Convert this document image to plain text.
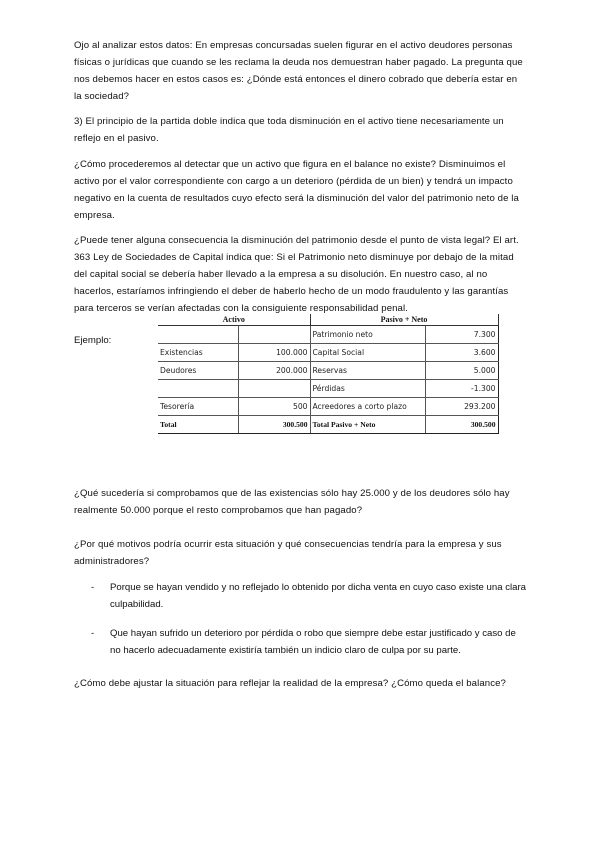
Ojo al analizar estos datos: En empresas concursadas suelen figurar en el activo deudores personas físicas o jurídicas que cuando se les reclama la deuda nos demuestran haber pagado. La pregunta que nos debemos hacer en estos casos es: ¿Dónde está entonces el dinero cobrado que debería estar en la sociedad?

3) El principio de la partida doble indica que toda disminución en el activo tiene necesariamente un reflejo en el pasivo.

¿Cómo procederemos al detectar que un activo que figura en el balance no existe? Disminuimos el activo por el valor correspondiente con cargo a un deterioro (pérdida de un bien) y tendrá un impacto negativo en la cuenta de resultados cuyo efecto será la disminución del valor del patrimonio neto de la empresa.

¿Puede tener alguna consecuencia la disminución del patrimonio desde el punto de vista legal? El art. 363 Ley de Sociedades de Capital indica que: Si el Patrimonio neto disminuye por debajo de la mitad del capital social se debería haber llevado a la empresa a su disolución. En nuestro caso, al no hacerlos, estaríamos infringiendo el deber de haberlo hecho de un modo fraudulento y las garantías para terceros se verían afectadas con la consiguiente responsabilidad penal.

Ejemplo:
Activo		Pasivo + Neto	
		Patrimonio neto	7.300
Existencias	100.000	Capital Social	3.600
Deudores	200.000	Reservas	5.000
		Pérdidas	-1.300
Tesorería	500	Acreedores a corto plazo	293.200
Total	300.500	Total Pasivo + Neto	300.500

¿Qué sucedería si comprobamos que de las existencias sólo hay 25.000 y de los deudores sólo hay realmente 50.000 porque el resto comprobamos que han pagado?

¿Por qué motivos podría ocurrir esta situación y qué consecuencias tendría para la empresa y sus administradores?

- Porque se hayan vendido y no reflejado lo obtenido por dicha venta en cuyo caso existe una clara culpabilidad.
- Que hayan sufrido un deterioro por pérdida o robo que siempre debe estar justificado y caso de no hacerlo adecuadamente existiría también un indicio claro de culpa por su parte.

¿Cómo debe ajustar la situación para reflejar la realidad de la empresa? ¿Cómo queda el balance?
